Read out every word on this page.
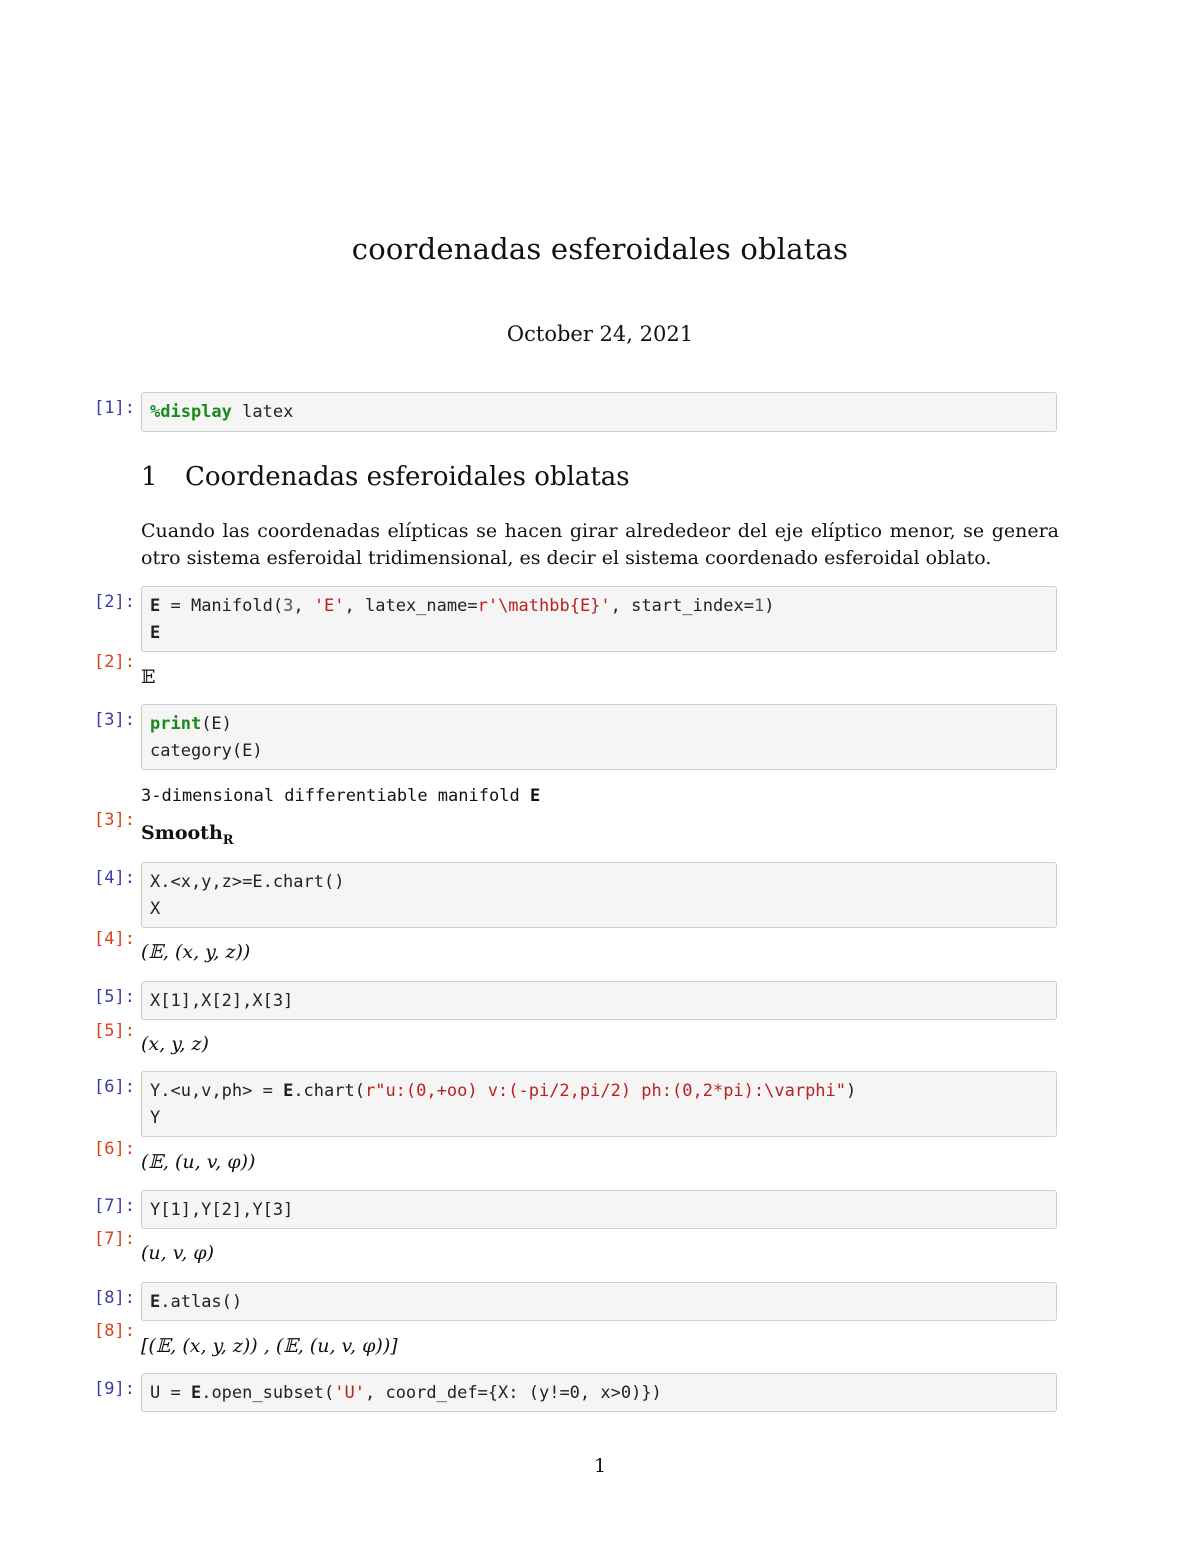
coordenadas esferoidales oblatas
October 24, 2021
[1]: %display latex
1 Coordenadas esferoidales oblatas
Cuando las coordenadas elípticas se hacen girar alrededeor del eje elíptico menor, se genera otro sistema esferoidal tridimensional, es decir el sistema coordenado esferoidal oblato.
[2]: E = Manifold(3, 'E', latex_name=r'\mathbb{E}', start_index=1)
E
[2]:
𝔼
[3]: print(E)
category(E)
3-dimensional differentiable manifold E
[3]:
Smooth$_R$
[4]: X.<x,y,z>=E.chart()
X
[4]:
(𝔼, (x, y, z))
[5]: X[1],X[2],X[3]
[5]:
(x, y, z)
[6]: Y.<u,v,ph> = E.chart(r"u:(0,+oo) v:(-pi/2,pi/2) ph:(0,2*pi):\varphi")
Y
[6]:
(𝔼, (u, v, φ))
[7]: Y[1],Y[2],Y[3]
[7]:
(u, v, φ)
[8]: E.atlas()
[8]:
[(𝔼, (x, y, z)) , (𝔼, (u, v, φ))]
[9]: U = E.open_subset('U', coord_def={X: (y!=0, x>0)})
1
